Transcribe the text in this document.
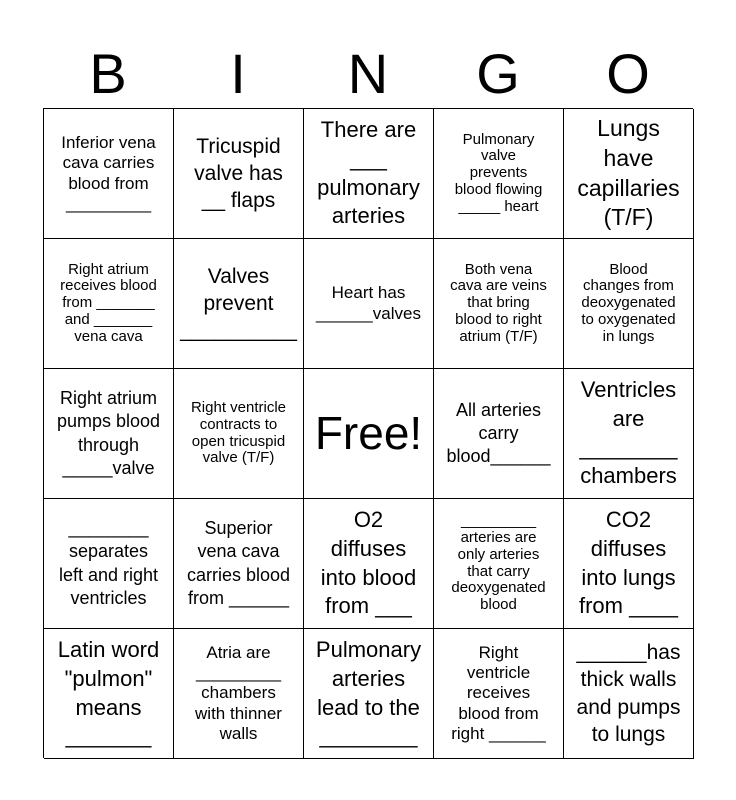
B	I	N	G	O
Inferior vena
cava carries
blood from
_________
Tricuspid
valve has
__ flaps
There are
___
pulmonary
arteries
Pulmonary
valve
prevents
blood flowing
_____ heart
Lungs
have
capillaries
(T/F)
Right atrium
receives blood
from _______
and _______
vena cava
Valves
prevent
__________
Heart has
______valves
Both vena
cava are veins
that bring
blood to right
atrium (T/F)
Blood
changes from
deoxygenated
to oxygenated
in lungs
Right atrium
pumps blood
through
_____valve
Right ventricle
contracts to
open tricuspid
valve (T/F) Free!	All arteries
carry
blood______
Ventricles
are
________
chambers
________
separates
left and right
ventricles
Superior
vena cava
carries blood
from ______
O2
diffuses
into blood
from ___
_________
arteries are
only arteries
that carry
deoxygenated
blood
CO2
diffuses
into lungs
from ____
Latin word
"pulmon"
means
_______
Atria are
_________
chambers
with thinner
walls
Pulmonary
arteries
lead to the
________
Right
ventricle
receives
blood from
right ______
______has
thick walls
and pumps
to lungs
